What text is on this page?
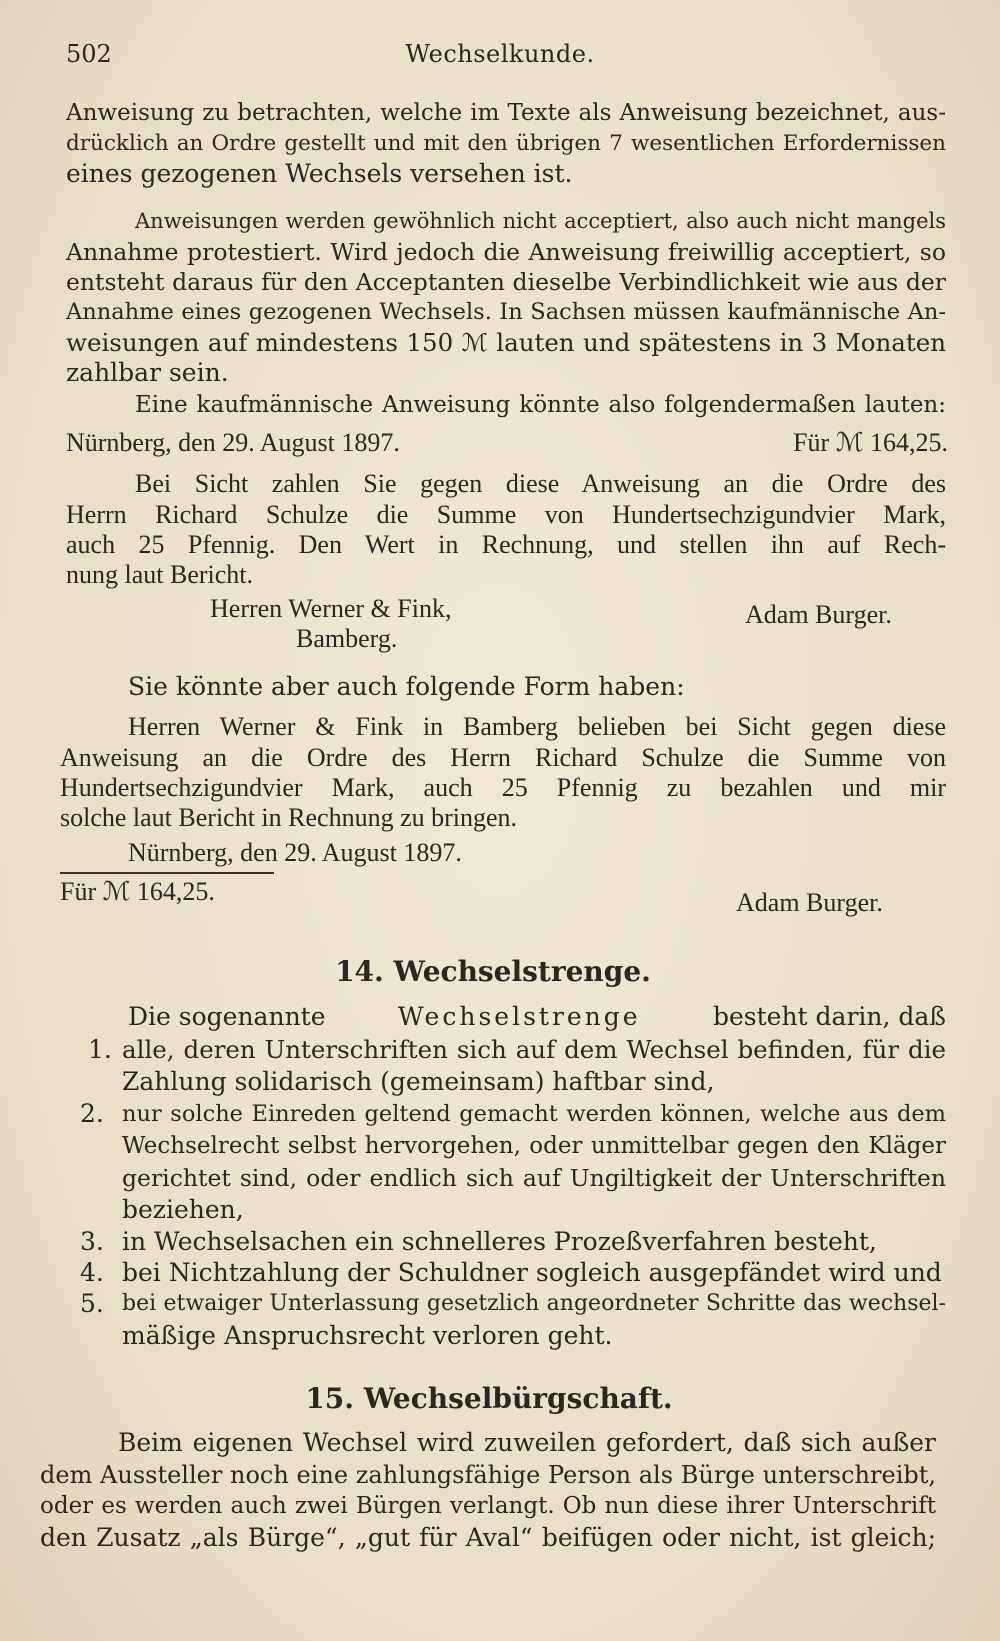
502	Wechselkunde.
Anweisung zu betrachten, welche im Texte als Anweisung bezeichnet, aus-
drücklich an Ordre gestellt und mit den übrigen 7 wesentlichen Erfordernissen
eines gezogenen Wechsels versehen ist.
Anweisungen werden gewöhnlich nicht acceptiert, also auch nicht mangels
Annahme protestiert. Wird jedoch die Anweisung freiwillig acceptiert, so
entsteht daraus für den Acceptanten dieselbe Verbindlichkeit wie aus der
Annahme eines gezogenen Wechsels. In Sachsen müssen kaufmännische An-
weisungen auf mindestens 150 ℳ lauten und spätestens in 3 Monaten
zahlbar sein.
Eine kaufmännische Anweisung könnte also folgendermaßen lauten:
Nürnberg, den 29. August 1897.	Für ℳ 164,25.
Bei Sicht zahlen Sie gegen diese Anweisung an die Ordre des
Herrn Richard Schulze die Summe von Hundertsechzigundvier Mark,
auch 25 Pfennig. Den Wert in Rechnung, und stellen ihn auf Rech-
nung laut Bericht.
Herren Werner & Fink,	Adam Burger.
Bamberg.
Sie könnte aber auch folgende Form haben:
Herren Werner & Fink in Bamberg belieben bei Sicht gegen diese
Anweisung an die Ordre des Herrn Richard Schulze die Summe von
Hundertsechzigundvier Mark, auch 25 Pfennig zu bezahlen und mir
solche laut Bericht in Rechnung zu bringen.
Nürnberg, den 29. August 1897.
Für ℳ 164,25.	Adam Burger.
14. Wechselstrenge.
Die sogenannte	Wechselstrenge	besteht darin, daß
1. alle, deren Unterschriften sich auf dem Wechsel befinden, für die
Zahlung solidarisch (gemeinsam) haftbar sind,
2. nur solche Einreden geltend gemacht werden können, welche aus dem
Wechselrecht selbst hervorgehen, oder unmittelbar gegen den Kläger
gerichtet sind, oder endlich sich auf Ungiltigkeit der Unterschriften
beziehen,
3. in Wechselsachen ein schnelleres Prozeßverfahren besteht,
4. bei Nichtzahlung der Schuldner sogleich ausgepfändet wird und
5. bei etwaiger Unterlassung gesetzlich angeordneter Schritte das wechsel-
mäßige Anspruchsrecht verloren geht.
15. Wechselbürgschaft.
Beim eigenen Wechsel wird zuweilen gefordert, daß sich außer
dem Aussteller noch eine zahlungsfähige Person als Bürge unterschreibt,
oder es werden auch zwei Bürgen verlangt. Ob nun diese ihrer Unterschrift
den Zusatz „als Bürge“, „gut für Aval“ beifügen oder nicht, ist gleich;
